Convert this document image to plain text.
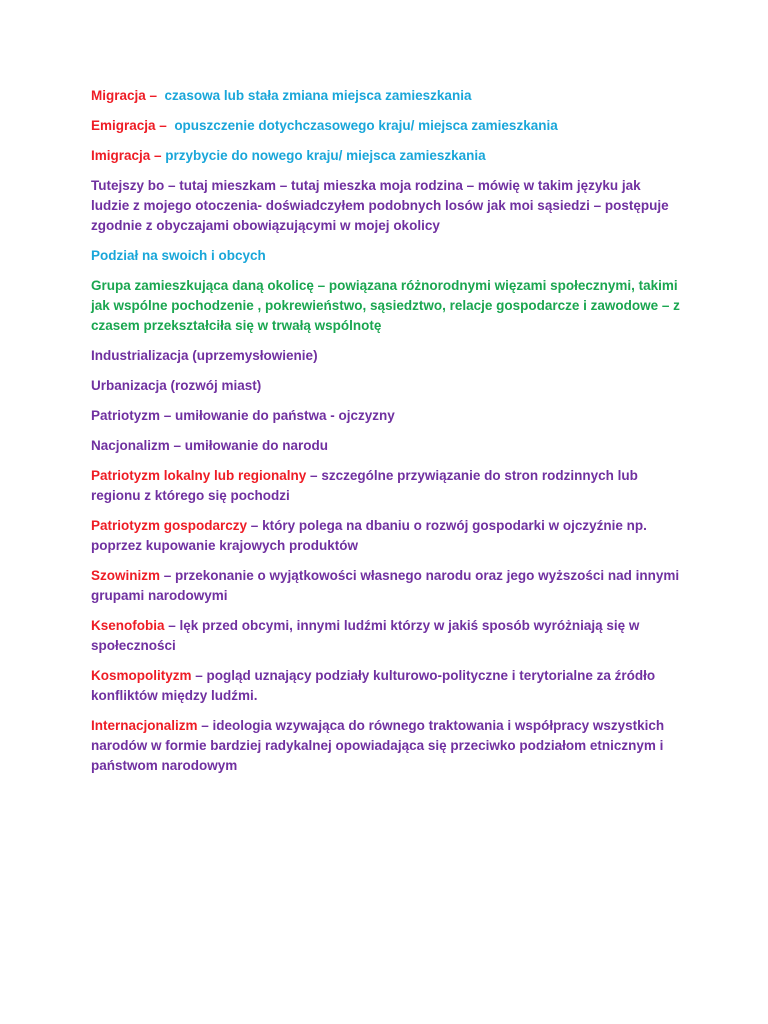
Migracja –  czasowa lub stała zmiana miejsca zamieszkania

Emigracja –  opuszczenie dotychczasowego kraju/ miejsca zamieszkania

Imigracja – przybycie do nowego kraju/ miejsca zamieszkania

Tutejszy bo – tutaj mieszkam – tutaj mieszka moja rodzina – mówię w takim języku jak ludzie z mojego otoczenia- doświadczyłem podobnych losów jak moi sąsiedzi – postępuje zgodnie z obyczajami obowiązującymi w mojej okolicy

Podział na swoich i obcych

Grupa zamieszkująca daną okolicę – powiązana różnorodnymi więzami społecznymi, takimi jak wspólne pochodzenie , pokrewieństwo, sąsiedztwo, relacje gospodarcze i zawodowe – z czasem przekształciła się w trwałą wspólnotę

Industrializacja (uprzemysłowienie)

Urbanizacja (rozwój miast)

Patriotyzm – umiłowanie do państwa - ojczyzny

Nacjonalizm – umiłowanie do narodu

Patriotyzm lokalny lub regionalny – szczególne przywiązanie do stron rodzinnych lub regionu z którego się pochodzi

Patriotyzm gospodarczy – który polega na dbaniu o rozwój gospodarki w ojczyźnie np. poprzez kupowanie krajowych produktów

Szowinizm – przekonanie o wyjątkowości własnego narodu oraz jego wyższości nad innymi grupami narodowymi

Ksenofobia – lęk przed obcymi, innymi ludźmi którzy w jakiś sposób wyróżniają się w społeczności

Kosmopolityzm – pogląd uznający podziały kulturowo-polityczne i terytorialne za źródło konfliktów między ludźmi.

Internacjonalizm – ideologia wzywająca do równego traktowania i współpracy wszystkich narodów w formie bardziej radykalnej opowiadająca się przeciwko podziałom etnicznym i państwom narodowym
